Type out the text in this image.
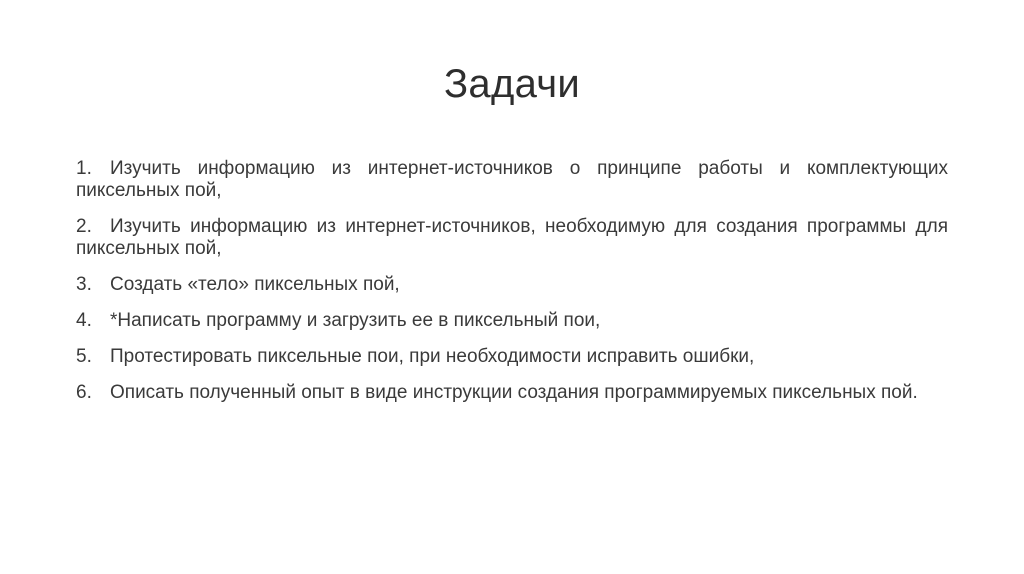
Задачи
1. Изучить информацию из интернет-источников о принципе работы и комплектующих пиксельных пой,
2. Изучить информацию из интернет-источников, необходимую для создания программы для пиксельных пой,
3. Создать «тело» пиксельных пой,
4. *Написать программу и загрузить ее в пиксельный пои,
5. Протестировать пиксельные пои, при необходимости исправить ошибки,
6. Описать полученный опыт в виде инструкции создания программируемых пиксельных пой.
